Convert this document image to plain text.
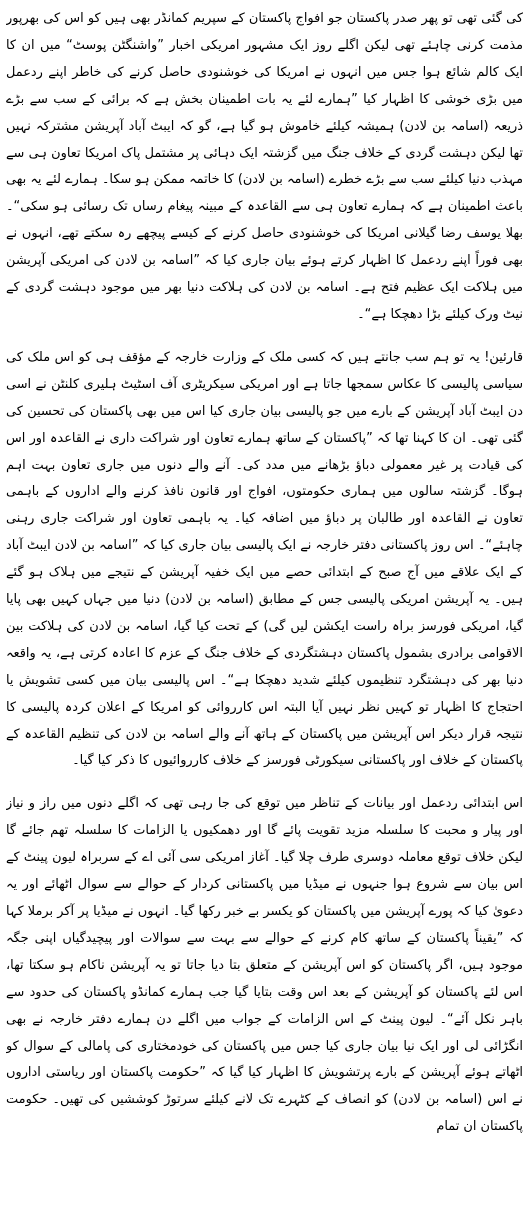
کی گئی تھی تو پھر صدر پاکستان جو افواج پاکستان کے سپریم کمانڈر بھی ہیں کو اس کی بھرپور مذمت کرنی چاہئے تھی لیکن اگلے روز ایک مشہور امریکی اخبار ”واشنگٹن پوسٹ“ میں ان کا ایک کالم شائع ہوا جس میں انہوں نے امریکا کی خوشنودی حاصل کرنے کی خاطر اپنے ردعمل میں بڑی خوشی کا اظہار کیا ”ہمارے لئے یہ بات اطمینان بخش ہے کہ برائی کے سب سے بڑے ذریعہ (اسامہ بن لادن) ہمیشہ کیلئے خاموش ہو گیا ہے، گو کہ ایبٹ آباد آپریشن مشترکہ نہیں تھا لیکن دہشت گردی کے خلاف جنگ میں گزشتہ ایک دہائی پر مشتمل پاک امریکا تعاون ہی سے مہذب دنیا کیلئے سب سے بڑے خطرے (اسامہ بن لادن) کا خاتمہ ممکن ہو سکا۔ ہمارے لئے یہ بھی باعث اطمینان ہے کہ ہمارے تعاون ہی سے القاعدہ کے مبینہ پیغام رساں تک رسائی ہو سکی“۔ بھلا یوسف رضا گیلانی امریکا کی خوشنودی حاصل کرنے کے کیسے پیچھے رہ سکتے تھے، انہوں نے بھی فوراً اپنے ردعمل کا اظہار کرتے ہوئے بیان جاری کیا کہ ”اسامہ بن لادن کی امریکی آپریشن میں ہلاکت ایک عظیم فتح ہے۔ اسامہ بن لادن کی ہلاکت دنیا بھر میں موجود دہشت گردی کے نیٹ ورک کیلئے بڑا دھچکا ہے“۔

قارئین! یہ تو ہم سب جانتے ہیں کہ کسی ملک کے وزارت خارجہ کے مؤقف ہی کو اس ملک کی سیاسی پالیسی کا عکاس سمجھا جاتا ہے اور امریکی سیکریٹری آف اسٹیٹ ہلیری کلنٹن نے اسی دن ایبٹ آباد آپریشن کے بارے میں جو پالیسی بیان جاری کیا اس میں بھی پاکستان کی تحسین کی گئی تھی۔ ان کا کہنا تھا کہ ”پاکستان کے ساتھ ہمارے تعاون اور شراکت داری نے القاعدہ اور اس کی قیادت پر غیر معمولی دباؤ بڑھانے میں مدد کی۔ آنے والے دنوں میں جاری تعاون بہت اہم ہوگا۔ گزشتہ سالوں میں ہماری حکومتوں، افواج اور قانون نافذ کرنے والے اداروں کے باہمی تعاون نے القاعدہ اور طالبان پر دباؤ میں اضافہ کیا۔ یہ باہمی تعاون اور شراکت جاری رہنی چاہئے“۔ اس روز پاکستانی دفتر خارجہ نے ایک پالیسی بیان جاری کیا کہ ”اسامہ بن لادن ایبٹ آباد کے ایک علاقے میں آج صبح کے ابتدائی حصے میں ایک خفیہ آپریشن کے نتیجے میں ہلاک ہو گئے ہیں۔ یہ آپریشن امریکی پالیسی جس کے مطابق (اسامہ بن لادن) دنیا میں جہاں کہیں بھی پایا گیا، امریکی فورسز براہ راست ایکشن لیں گی) کے تحت کیا گیا، اسامہ بن لادن کی ہلاکت بین الاقوامی برادری بشمول پاکستان دہشتگردی کے خلاف جنگ کے عزم کا اعادہ کرتی ہے، یہ واقعہ دنیا بھر کی دہشتگرد تنظیموں کیلئے شدید دھچکا ہے“۔ اس پالیسی بیان میں کسی تشویش یا احتجاج کا اظہار تو کہیں نظر نہیں آیا البتہ اس کارروائی کو امریکا کے اعلان کردہ پالیسی کا نتیجہ قرار دیکر اس آپریشن میں پاکستان کے ہاتھ آنے والے اسامہ بن لادن کی تنظیم القاعدہ کے پاکستان کے خلاف اور پاکستانی سیکورٹی فورسز کے خلاف کارروائیوں کا ذکر کیا گیا۔

اس ابتدائی ردعمل اور بیانات کے تناظر میں توقع کی جا رہی تھی کہ اگلے دنوں میں راز و نیاز اور پیار و محبت کا سلسلہ مزید تقویت پائے گا اور دھمکیوں یا الزامات کا سلسلہ تھم جائے گا لیکن خلاف توقع معاملہ دوسری طرف چلا گیا۔ آغاز امریکی سی آئی اے کے سربراہ لیون پینٹ کے اس بیان سے شروع ہوا جنہوں نے میڈیا میں پاکستانی کردار کے حوالے سے سوال اٹھائے اور یہ دعویٰ کیا کہ پورے آپریشن میں پاکستان کو یکسر بے خبر رکھا گیا۔ انہوں نے میڈیا پر آکر برملا کہا کہ ”یقیناً پاکستان کے ساتھ کام کرنے کے حوالے سے بہت سے سوالات اور پیچیدگیاں اپنی جگہ موجود ہیں، اگر پاکستان کو اس آپریشن کے متعلق بتا دیا جاتا تو یہ آپریشن ناکام ہو سکتا تھا، اس لئے پاکستان کو آپریشن کے بعد اس وقت بتایا گیا جب ہمارے کمانڈو پاکستان کی حدود سے باہر نکل آئے“۔ لیون پینٹ کے اس الزامات کے جواب میں اگلے دن ہمارے دفتر خارجہ نے بھی انگڑائی لی اور ایک نیا بیان جاری کیا جس میں پاکستان کی خودمختاری کی پامالی کے سوال کو اٹھاتے ہوئے آپریشن کے بارے پرتشویش کا اظہار کیا گیا کہ ”حکومت پاکستان اور ریاستی اداروں نے اس (اسامہ بن لادن) کو انصاف کے کٹہرے تک لانے کیلئے سرتوڑ کوششیں کی تھیں۔ حکومت پاکستان ان تمام
